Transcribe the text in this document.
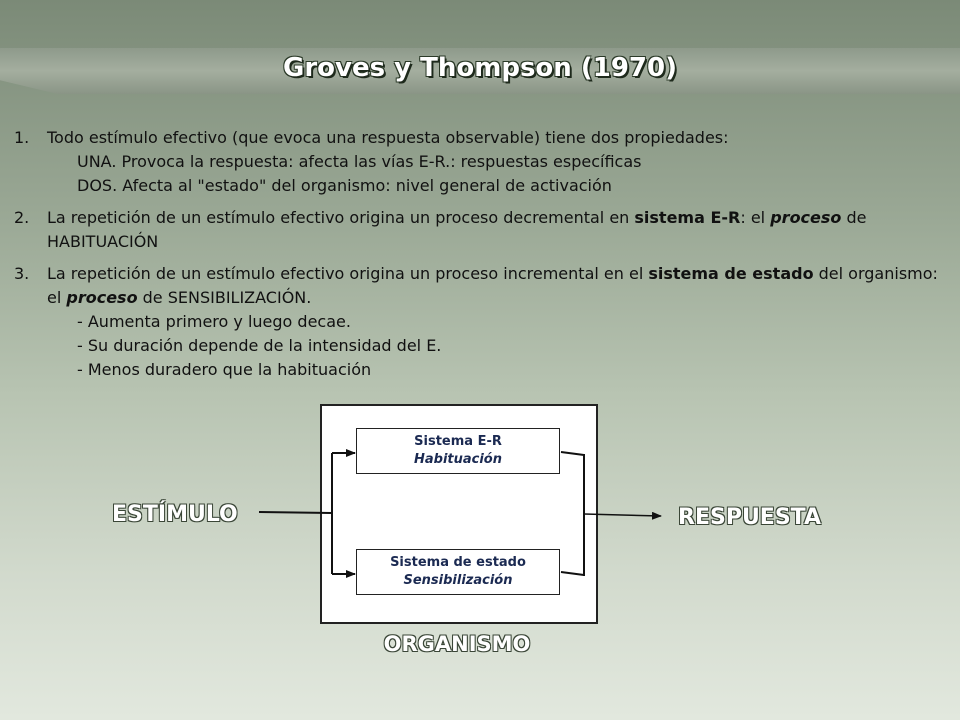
Groves y Thompson (1970)
1. Todo estímulo efectivo (que evoca una respuesta observable) tiene dos propiedades:
UNA. Provoca la respuesta: afecta las vías E-R.: respuestas específicas
DOS. Afecta al "estado" del organismo: nivel general de activación
2. La repetición de un estímulo efectivo origina un proceso decremental en sistema E-R: el proceso de HABITUACIÓN
3. La repetición de un estímulo efectivo origina un proceso incremental en el sistema de estado del organismo: el proceso de SENSIBILIZACIÓN.
- Aumenta primero y luego decae.
- Su duración depende de la intensidad del E.
- Menos duradero que la habituación
Sistema E-R
Habituación
Sistema de estado
Sensibilización
ESTÍMULO	RESPUESTA
ORGANISMO
